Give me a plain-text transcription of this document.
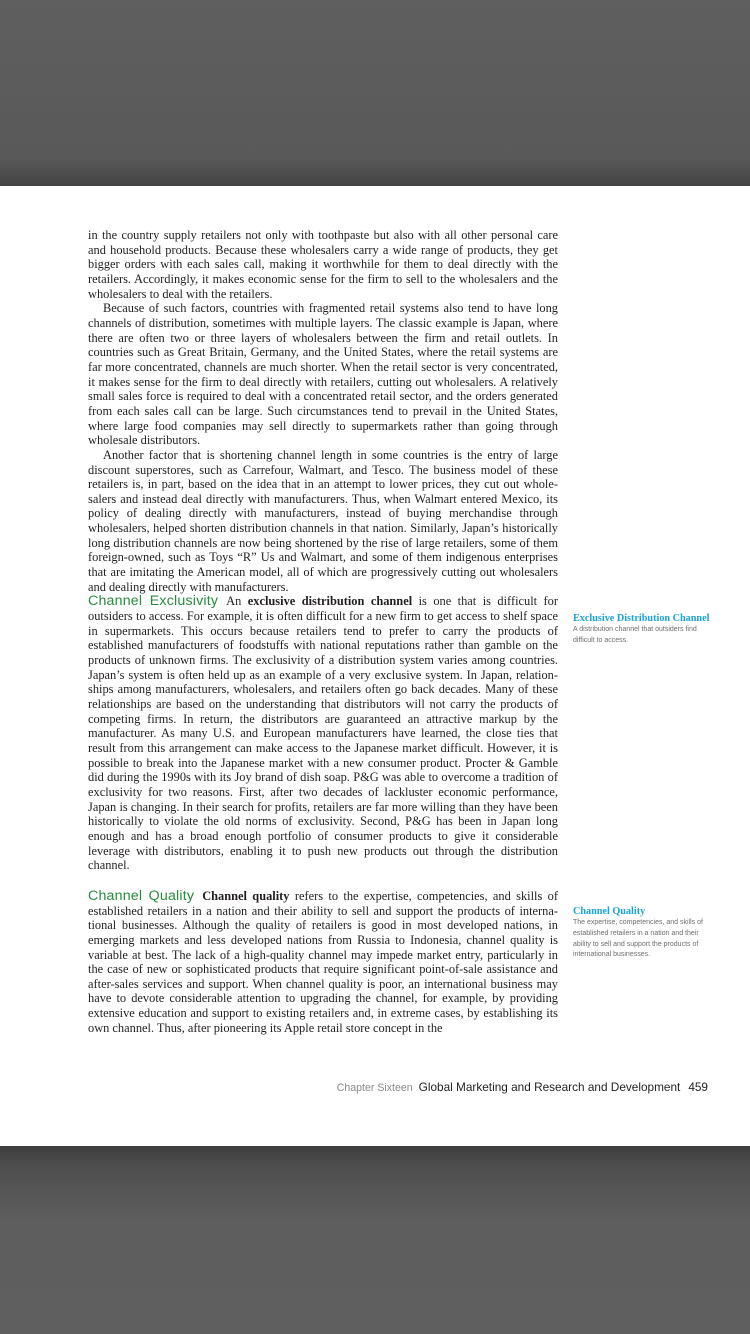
in the country supply retailers not only with toothpaste but also with all other personal care and household products. Because these wholesalers carry a wide range of products, they get bigger orders with each sales call, making it worthwhile for them to deal directly with the retailers. Accordingly, it makes economic sense for the firm to sell to the wholesalers and the wholesalers to deal with the retailers.

Because of such factors, countries with fragmented retail systems also tend to have long channels of distribution, sometimes with multiple layers. The classic example is Japan, where there are often two or three layers of wholesalers between the firm and retail outlets. In countries such as Great Britain, Germany, and the United States, where the retail systems are far more concentrated, channels are much shorter. When the retail sector is very concentrated, it makes sense for the firm to deal directly with retailers, cutting out wholesalers. A relatively small sales force is required to deal with a concentrated retail sector, and the orders generated from each sales call can be large. Such circumstances tend to prevail in the United States, where large food companies may sell directly to supermarkets rather than going through wholesale distributors.

Another factor that is shortening channel length in some countries is the entry of large discount superstores, such as Carrefour, Walmart, and Tesco. The business model of these retailers is, in part, based on the idea that in an attempt to lower prices, they cut out wholesalers and instead deal directly with manufacturers. Thus, when Walmart entered Mexico, its policy of dealing directly with manufacturers, instead of buying merchandise through wholesalers, helped shorten distribution channels in that nation. Similarly, Japan’s historically long distribution channels are now being shortened by the rise of large retailers, some of them foreign-owned, such as Toys “R” Us and Walmart, and some of them indigenous enterprises that are imitating the American model, all of which are progressively cutting out wholesalers and dealing directly with manufacturers.

Channel Exclusivity An exclusive distribution channel is one that is difficult for outsiders to access. For example, it is often difficult for a new firm to get access to shelf space in supermarkets. This occurs because retailers tend to prefer to carry the products of established manufacturers of foodstuffs with national reputations rather than gamble on the products of unknown firms. The exclusivity of a distribution system varies among countries. Japan’s system is often held up as an example of a very exclusive system. In Japan, relationships among manufacturers, wholesalers, and retailers often go back decades. Many of these relationships are based on the understanding that distributors will not carry the products of competing firms. In return, the distributors are guaranteed an attractive markup by the manufacturer. As many U.S. and European manufacturers have learned, the close ties that result from this arrangement can make access to the Japanese market difficult. However, it is possible to break into the Japanese market with a new consumer product. Procter & Gamble did during the 1990s with its Joy brand of dish soap. P&G was able to overcome a tradition of exclusivity for two reasons. First, after two decades of lackluster economic performance, Japan is changing. In their search for profits, retailers are far more willing than they have been historically to violate the old norms of exclusivity. Second, P&G has been in Japan long enough and has a broad enough portfolio of consumer products to give it considerable leverage with distributors, enabling it to push new products out through the distribution channel.

Channel Quality Channel quality refers to the expertise, competencies, and skills of established retailers in a nation and their ability to sell and support the products of international businesses. Although the quality of retailers is good in most developed nations, in emerging markets and less developed nations from Russia to Indonesia, channel quality is variable at best. The lack of a high-quality channel may impede market entry, particularly in the case of new or sophisticated products that require significant point-of-sale assistance and after-sales services and support. When channel quality is poor, an international business may have to devote considerable attention to upgrading the channel, for example, by providing extensive education and support to existing retailers and, in extreme cases, by establishing its own channel. Thus, after pioneering its Apple retail store concept in the

Exclusive Distribution Channel
A distribution channel that outsiders find difficult to access.
Channel Quality
The expertise, competencies, and skills of established retailers in a nation and their ability to sell and support the products of international businesses.
Chapter Sixteen Global Marketing and Research and Development 459
